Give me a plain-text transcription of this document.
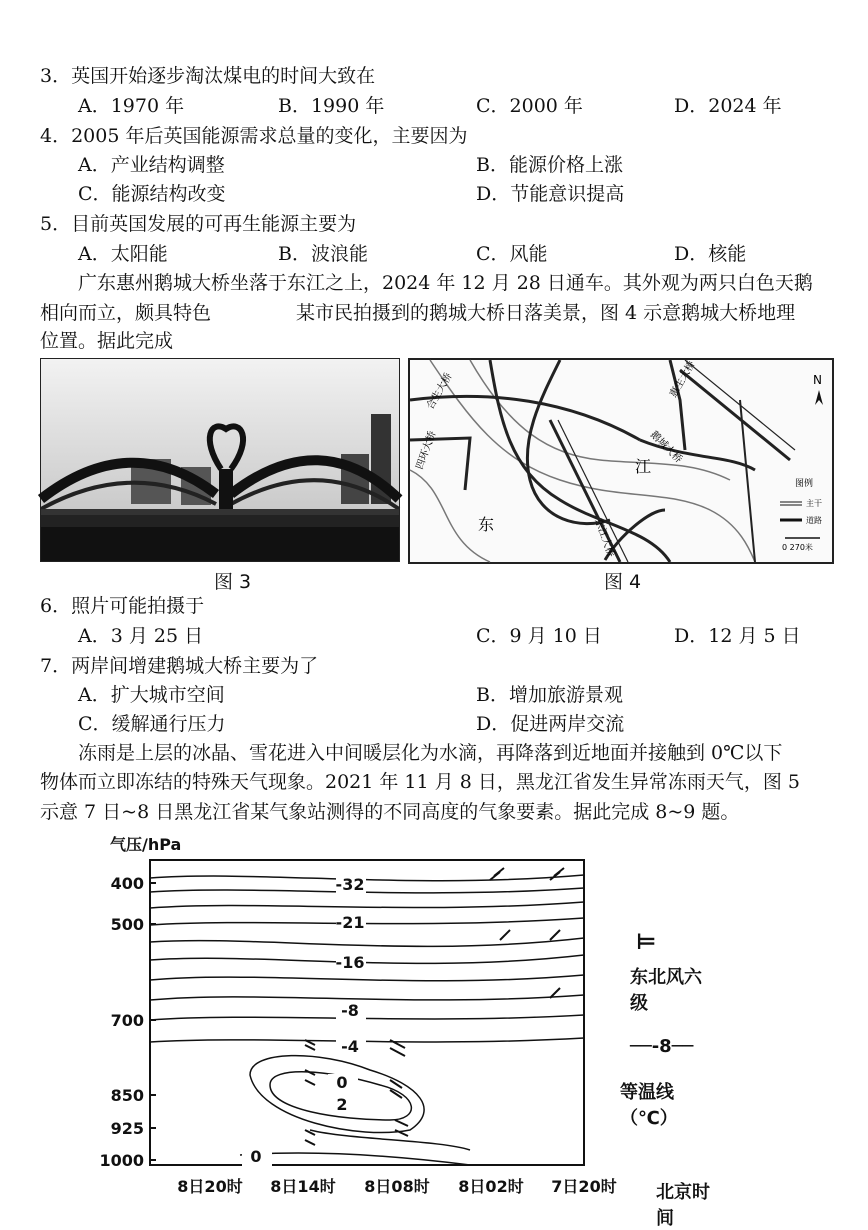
3．英国开始逐步淘汰煤电的时间大致在
A．1970 年	B．1990 年	C．2000 年	D．2024 年
4．2005 年后英国能源需求总量的变化，主要因为
A．产业结构调整	B．能源价格上涨
C．能源结构改变	D．节能意识提高
5．目前英国发展的可再生能源主要为
A．太阳能	B．波浪能	C．风能	D．核能
广东惠州鹅城大桥坐落于东江之上，2024 年 12 月 28 日通车。其外观为两只白色天鹅
相向而立，颇具特色	某市民拍摄到的鹅城大桥日落美景，图 4 示意鹅城大桥地理
位置。据此完成
图 3
合生大桥
四环大桥
惠生大桥
鹅城大桥
东江大桥
江
东
N
图例
主干
道路
0 270米
图 4
6．照片可能拍摄于
A．3 月 25 日	C．9 月 10 日	D．12 月 5 日
7．两岸间增建鹅城大桥主要为了
A．扩大城市空间	B．增加旅游景观
C．缓解通行压力	D．促进两岸交流
冻雨是上层的冰晶、雪花进入中间暖层化为水滴，再降落到近地面并接触到 0℃以下
物体而立即冻结的特殊天气现象。2021 年 11 月 8 日，黑龙江省发生异常冻雨天气，图 5
示意 7 日~8 日黑龙江省某气象站测得的不同高度的气象要素。据此完成 8~9 题。
气压/hPa
400
500
700
850
925
1000
8日20时 8日14时 8日08时 8日02时 7日20时
-32
-21
-16
-8
-4
0
2
0
⊨
东北风六级
──-8──
等温线（℃）
北京时间
